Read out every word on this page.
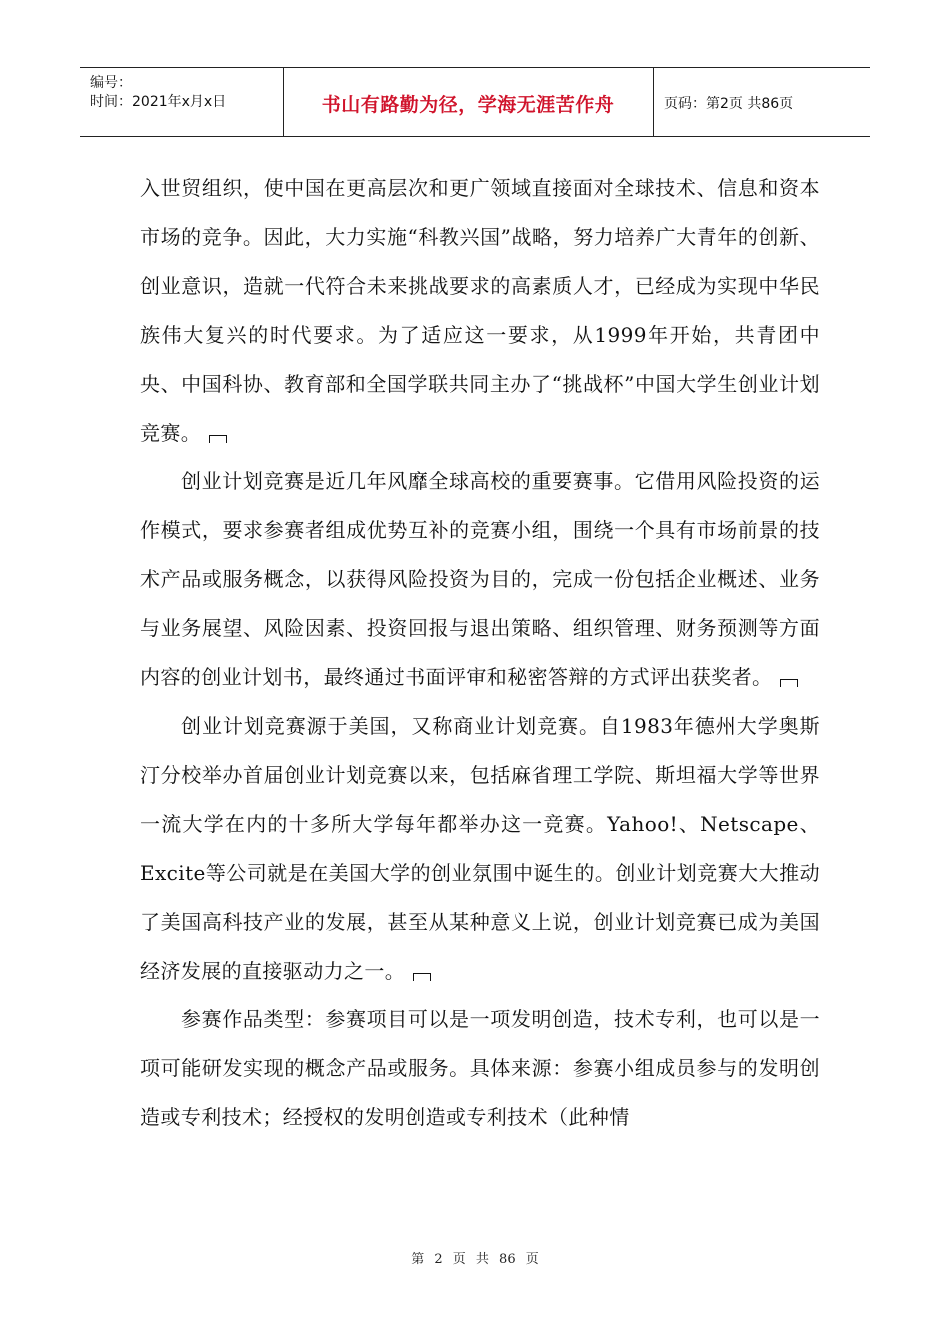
编号：
时间：2021年x月x日	书山有路勤为径，学海无涯苦作舟	页码：第2页 共86页

入世贸组织，使中国在更高层次和更广领域直接面对全球技术、信息和资本市场的竞争。因此，大力实施“科教兴国”战略，努力培养广大青年的创新、创业意识，造就一代符合未来挑战要求的高素质人才，已经成为实现中华民族伟大复兴的时代要求。为了适应这一要求，从1999年开始，共青团中央、中国科协、教育部和全国学联共同主办了“挑战杯”中国大学生创业计划竞赛。

创业计划竞赛是近几年风靡全球高校的重要赛事。它借用风险投资的运作模式，要求参赛者组成优势互补的竞赛小组，围绕一个具有市场前景的技术产品或服务概念，以获得风险投资为目的，完成一份包括企业概述、业务与业务展望、风险因素、投资回报与退出策略、组织管理、财务预测等方面内容的创业计划书，最终通过书面评审和秘密答辩的方式评出获奖者。

创业计划竞赛源于美国，又称商业计划竞赛。自1983年德州大学奥斯汀分校举办首届创业计划竞赛以来，包括麻省理工学院、斯坦福大学等世界一流大学在内的十多所大学每年都举办这一竞赛。Yahoo!、Netscape、Excite等公司就是在美国大学的创业氛围中诞生的。创业计划竞赛大大推动了美国高科技产业的发展，甚至从某种意义上说，创业计划竞赛已成为美国经济发展的直接驱动力之一。

参赛作品类型：参赛项目可以是一项发明创造，技术专利，也可以是一项可能研发实现的概念产品或服务。具体来源：参赛小组成员参与的发明创造或专利技术；经授权的发明创造或专利技术（此种情

第 2 页 共 86 页
